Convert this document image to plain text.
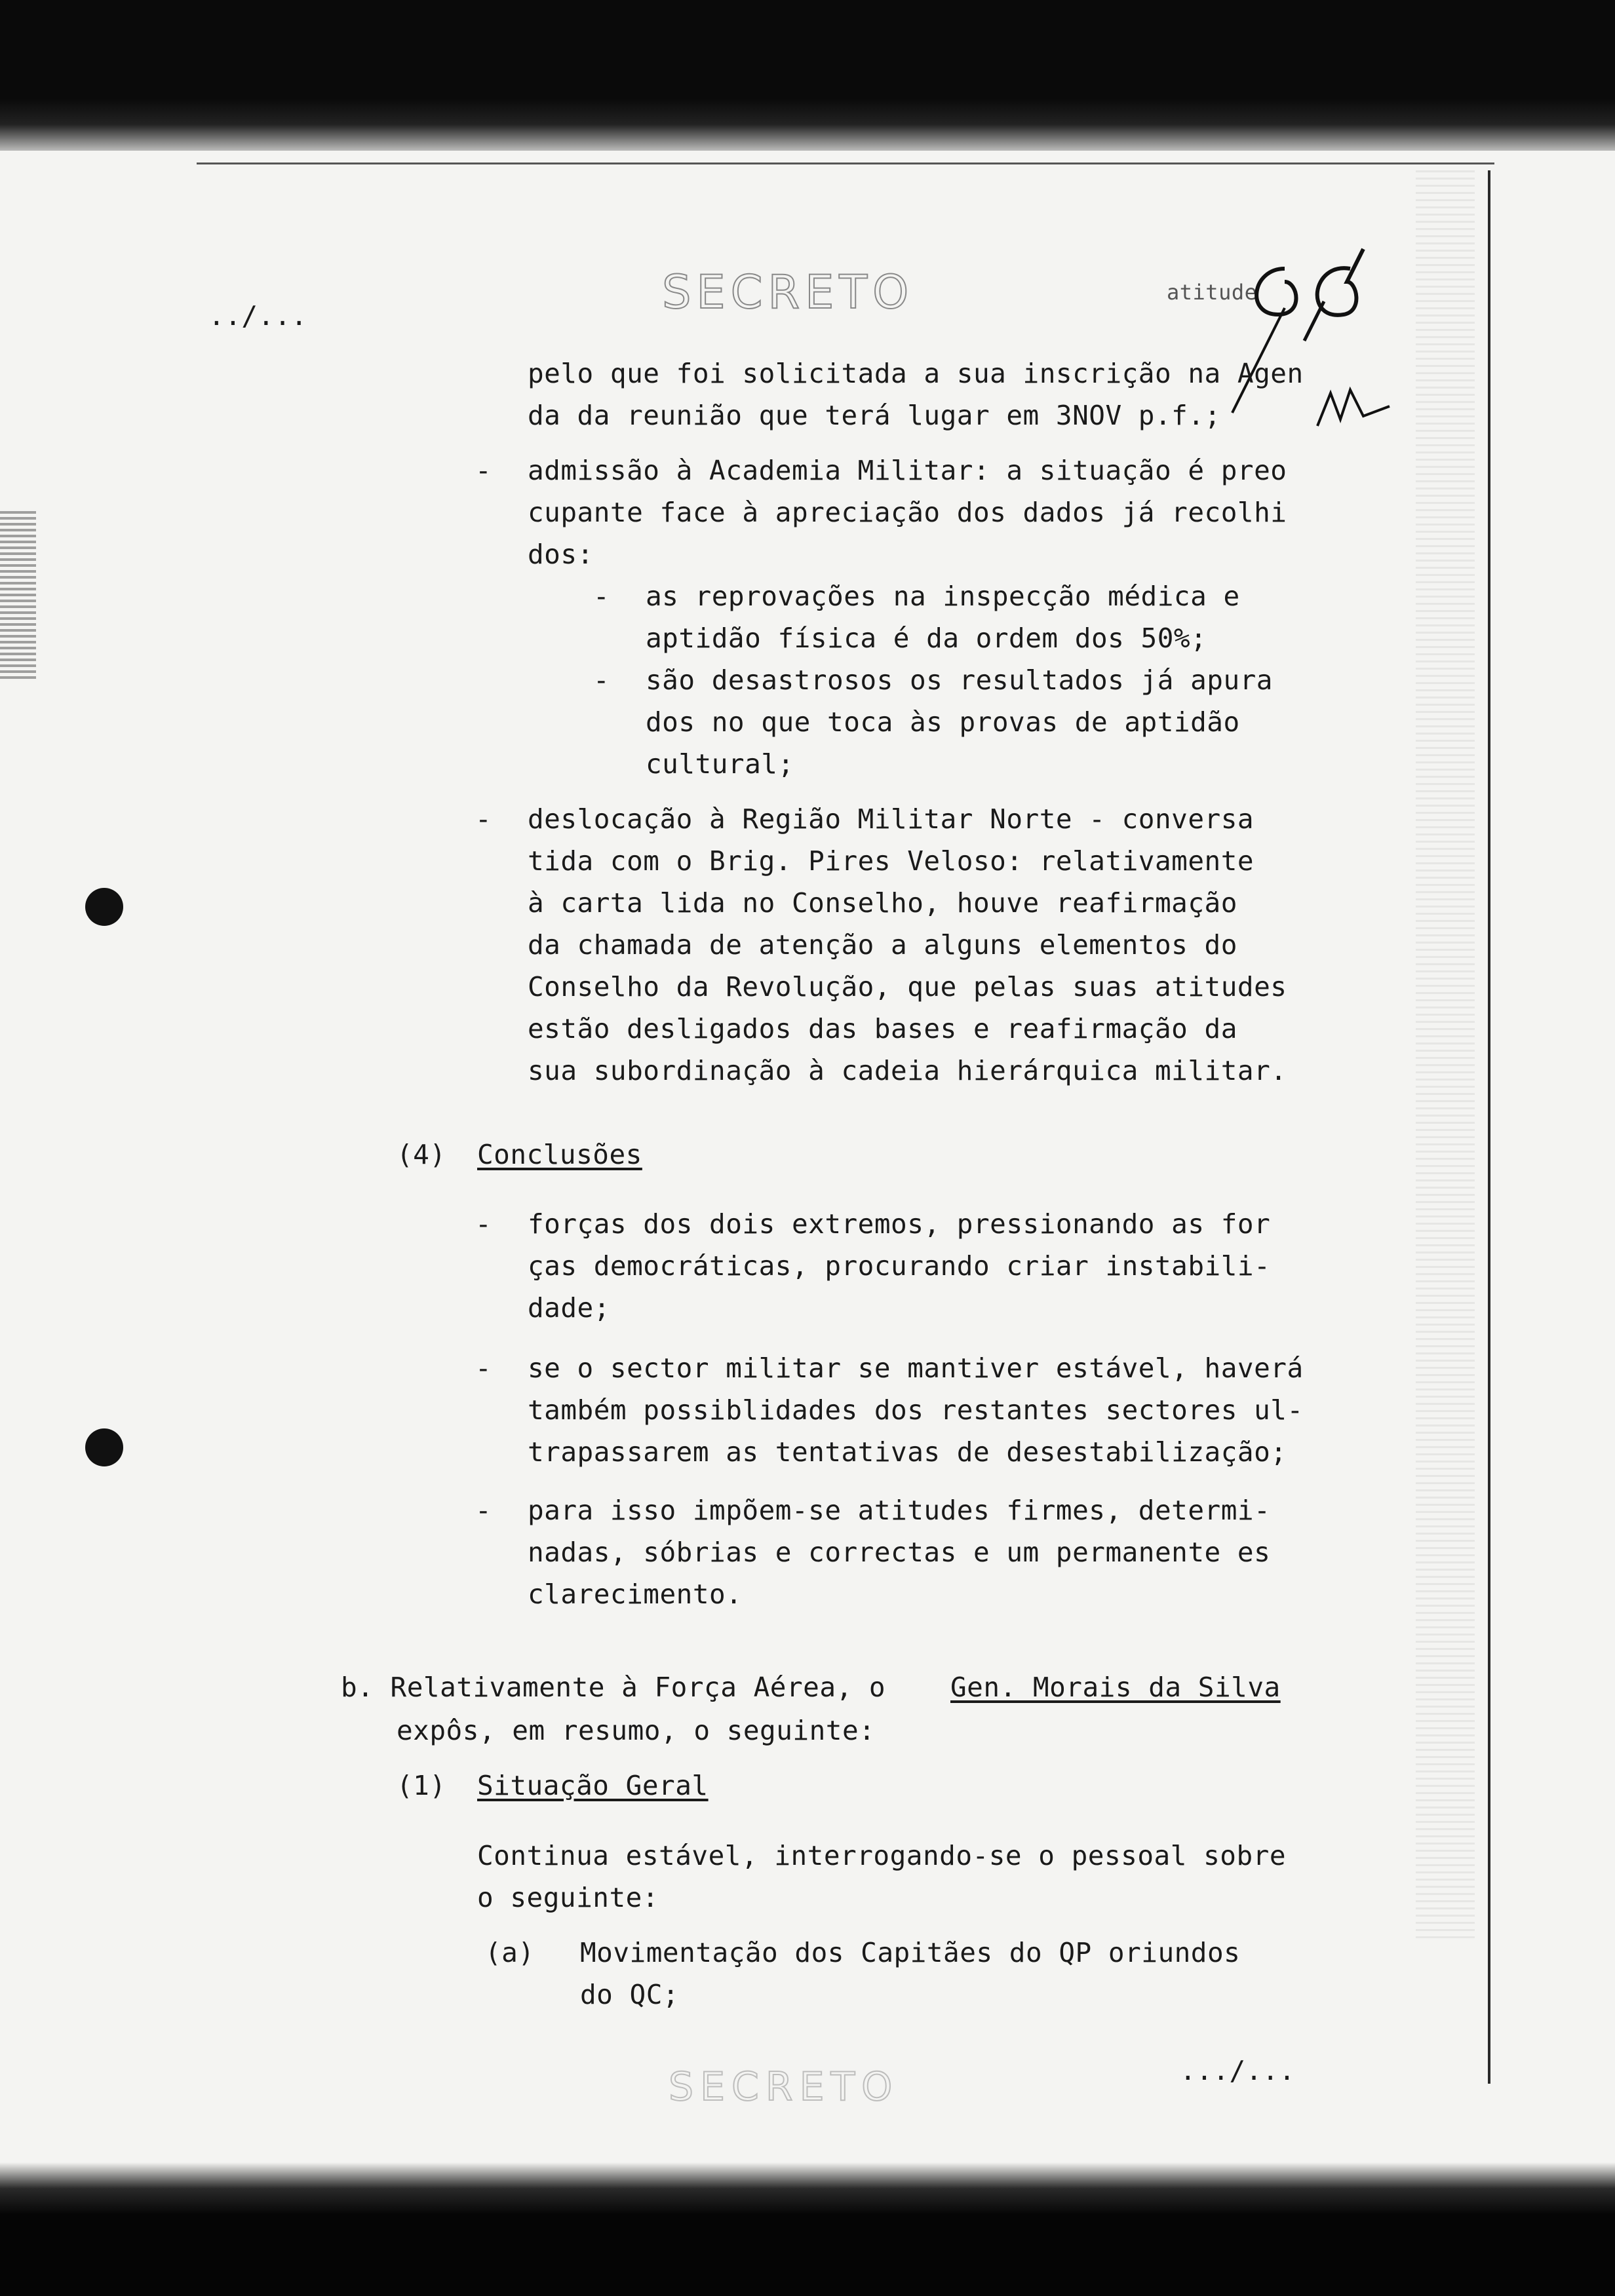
../...	SECRETO	atitude
pelo que foi solicitada a sua inscrição na Agen
da da reunião que terá lugar em 3NOV p.f.;
- admissão à Academia Militar: a situação é preo
cupante face à apreciação dos dados já recolhi
dos:
- as reprovações na inspecção médica e
aptidão física é da ordem dos 50%;
- são desastrosos os resultados já apura
dos no que toca às provas de aptidão
cultural;
- deslocação à Região Militar Norte - conversa
tida com o Brig. Pires Veloso: relativamente
à carta lida no Conselho, houve reafirmação
da chamada de atenção a alguns elementos do
Conselho da Revolução, que pelas suas atitudes
estão desligados das bases e reafirmação da
sua subordinação à cadeia hierárquica militar.
(4) Conclusões
- forças dos dois extremos, pressionando as for
ças democráticas, procurando criar instabili-
dade;
- se o sector militar se mantiver estável, haverá
também possiblidades dos restantes sectores ul-
trapassarem as tentativas de desestabilização;
- para isso impõem-se atitudes firmes, determi-
nadas, sóbrias e correctas e um permanente es
clarecimento.
b. Relativamente à Força Aérea, o Gen. Morais da Silva
expôs, em resumo, o seguinte:
(1) Situação Geral
Continua estável, interrogando-se o pessoal sobre
o seguinte:
(a) Movimentação dos Capitães do QP oriundos
do QC;
SECRETO	.../...
